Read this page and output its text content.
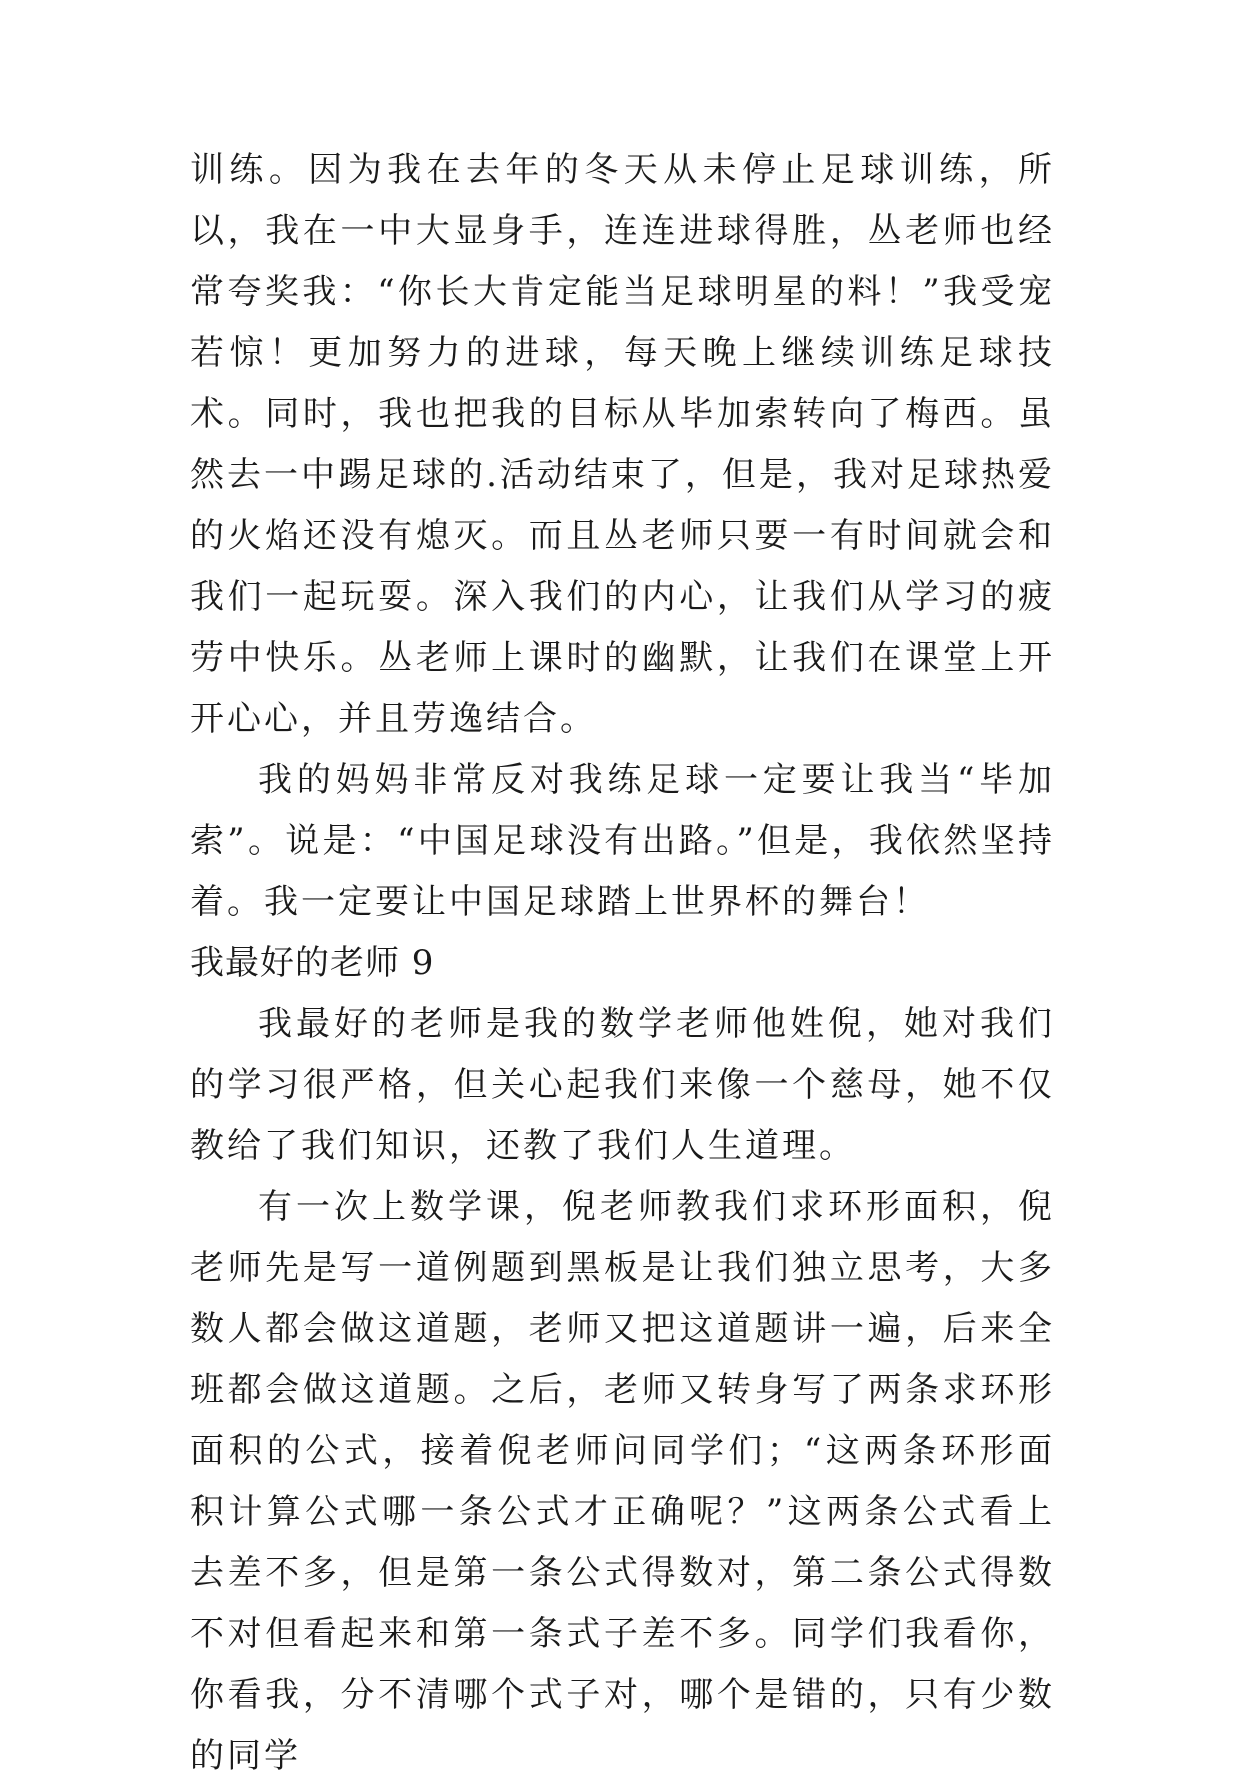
训练。因为我在去年的冬天从未停止足球训练，所以，我在一中大显身手，连连进球得胜，丛老师也经常夸奖我：“你长大肯定能当足球明星的料！”我受宠若惊！更加努力的进球，每天晚上继续训练足球技术。同时，我也把我的目标从毕加索转向了梅西。虽然去一中踢足球的.活动结束了，但是，我对足球热爱的火焰还没有熄灭。而且丛老师只要一有时间就会和我们一起玩耍。深入我们的内心，让我们从学习的疲劳中快乐。丛老师上课时的幽默，让我们在课堂上开开心心，并且劳逸结合。

我的妈妈非常反对我练足球一定要让我当“毕加索”。说是：“中国足球没有出路。”但是，我依然坚持着。我一定要让中国足球踏上世界杯的舞台！

我最好的老师 9

我最好的老师是我的数学老师他姓倪，她对我们的学习很严格，但关心起我们来像一个慈母，她不仅教给了我们知识，还教了我们人生道理。

有一次上数学课，倪老师教我们求环形面积，倪老师先是写一道例题到黑板是让我们独立思考，大多数人都会做这道题，老师又把这道题讲一遍，后来全班都会做这道题。之后，老师又转身写了两条求环形面积的公式，接着倪老师问同学们；“这两条环形面积计算公式哪一条公式才正确呢？”这两条公式看上去差不多，但是第一条公式得数对，第二条公式得数不对但看起来和第一条式子差不多。同学们我看你，你看我，分不清哪个式子对，哪个是错的，只有少数的同学
